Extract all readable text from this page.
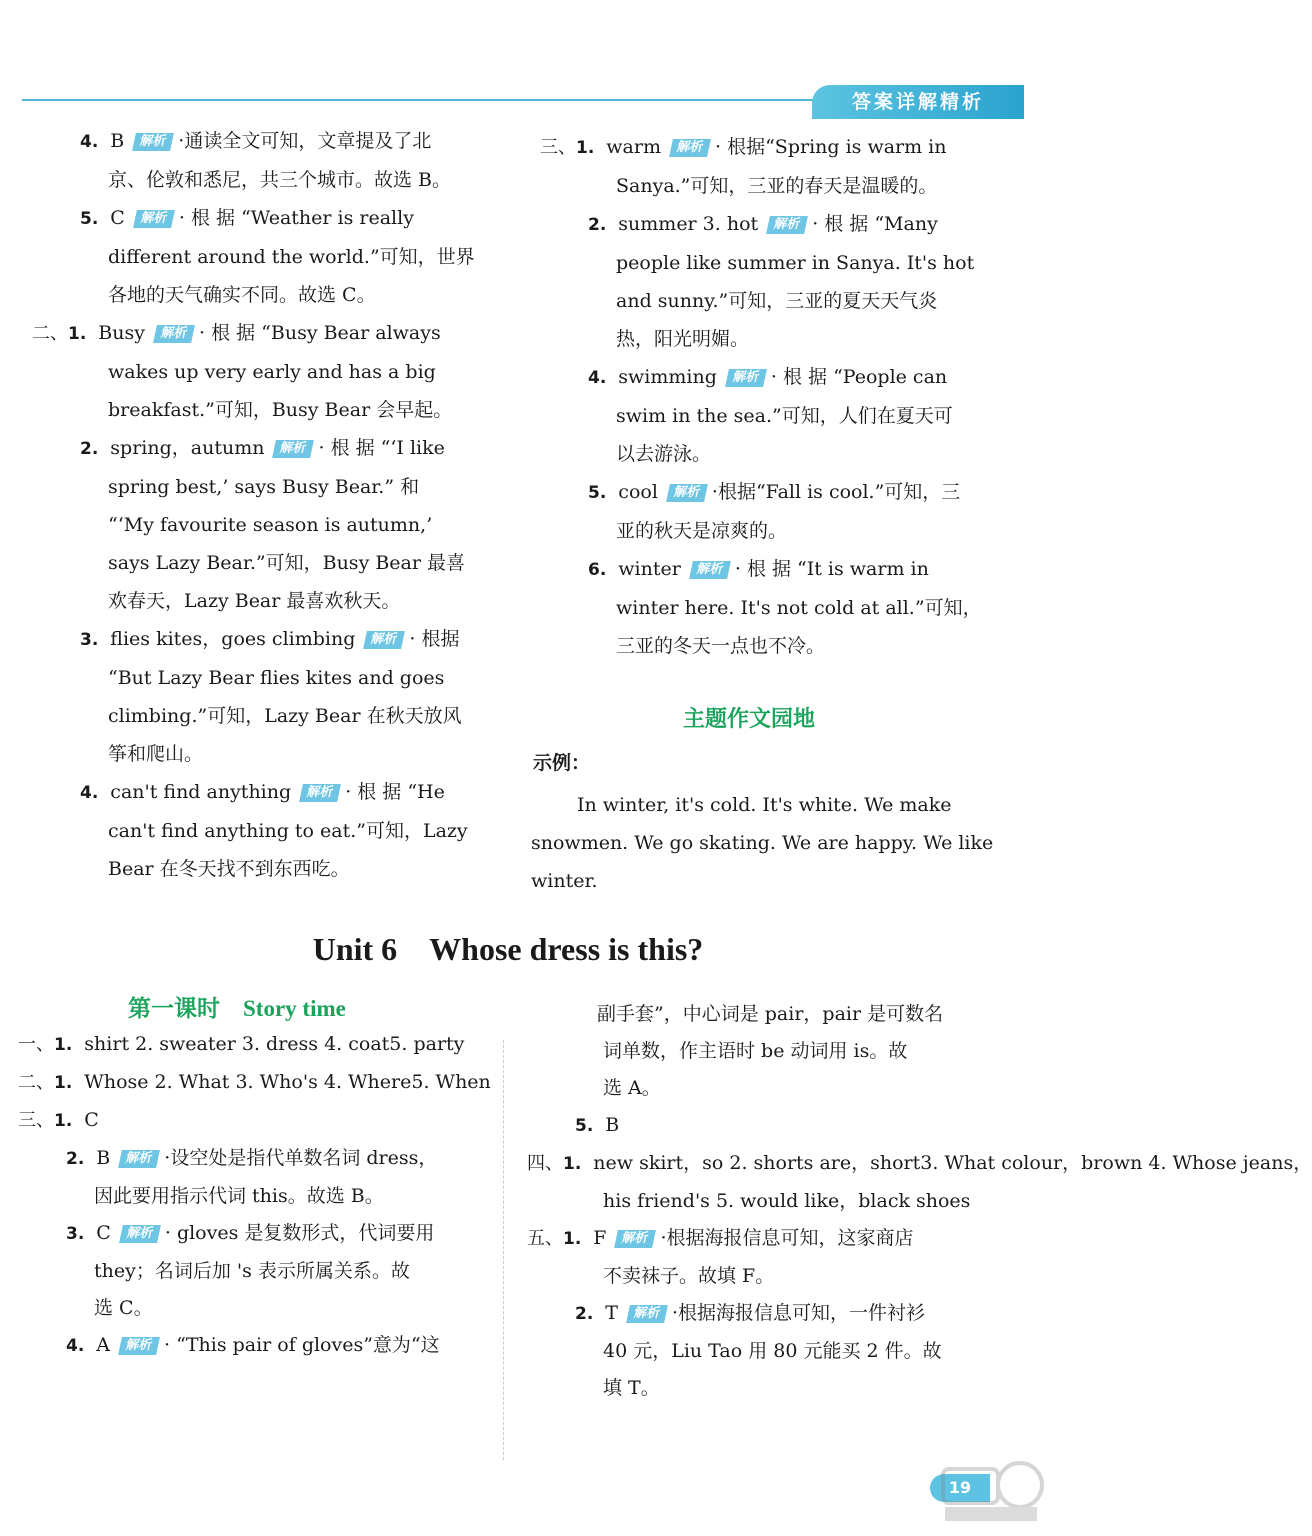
答案详解精析
4. B 解析 ·通读全文可知，文章提及了北
京、伦敦和悉尼，共三个城市。故选 B。
5. C 解析 · 根 据 “Weather is really
different around the world.”可知，世界
各地的天气确实不同。故选 C。
二、1. Busy 解析 · 根 据 “Busy Bear always
wakes up very early and has a big
breakfast.”可知，Busy Bear 会早起。
2. spring，autumn 解析 · 根 据 “‘I like
spring best,’ says Busy Bear.” 和
“‘My favourite season is autumn,’
says Lazy Bear.”可知，Busy Bear 最喜
欢春天，Lazy Bear 最喜欢秋天。
3. flies kites，goes climbing 解析 · 根据
“But Lazy Bear flies kites and goes
climbing.”可知，Lazy Bear 在秋天放风
筝和爬山。
4. can't find anything 解析 · 根 据 “He
can't find anything to eat.”可知，Lazy
Bear 在冬天找不到东西吃。
三、1. warm 解析 · 根据“Spring is warm in
Sanya.”可知，三亚的春天是温暖的。
2. summer 3. hot 解析 · 根 据 “Many
people like summer in Sanya. It's hot
and sunny.”可知，三亚的夏天天气炎
热，阳光明媚。
4. swimming 解析 · 根 据 “People can
swim in the sea.”可知，人们在夏天可
以去游泳。
5. cool 解析 ·根据“Fall is cool.”可知，三
亚的秋天是凉爽的。
6. winter 解析 · 根 据 “It is warm in
winter here. It's not cold at all.”可知，
三亚的冬天一点也不冷。
主题作文园地
示例：
In winter, it's cold. It's white. We make snowmen. We go skating. We are happy. We like winter.
Unit 6　Whose dress is this?
第一课时　Story time
一、1. shirt 2. sweater 3. dress 4. coat5. party
二、1. Whose 2. What 3. Who's 4. Where5. When
三、1. C
2. B 解析 ·设空处是指代单数名词 dress，
因此要用指示代词 this。故选 B。
3. C 解析 · gloves 是复数形式，代词要用
they；名词后加 's 表示所属关系。故
选 C。
4. A 解析 · “This pair of gloves”意为“这
副手套”，中心词是 pair，pair 是可数名
词单数，作主语时 be 动词用 is。故
选 A。
5. B
四、1. new skirt，so 2. shorts are，short3. What colour，brown 4. Whose jeans，
his friend's 5. would like，black shoes
五、1. F 解析 ·根据海报信息可知，这家商店
不卖袜子。故填 F。
2. T 解析 ·根据海报信息可知，一件衬衫
40 元，Liu Tao 用 80 元能买 2 件。故
填 T。
19
